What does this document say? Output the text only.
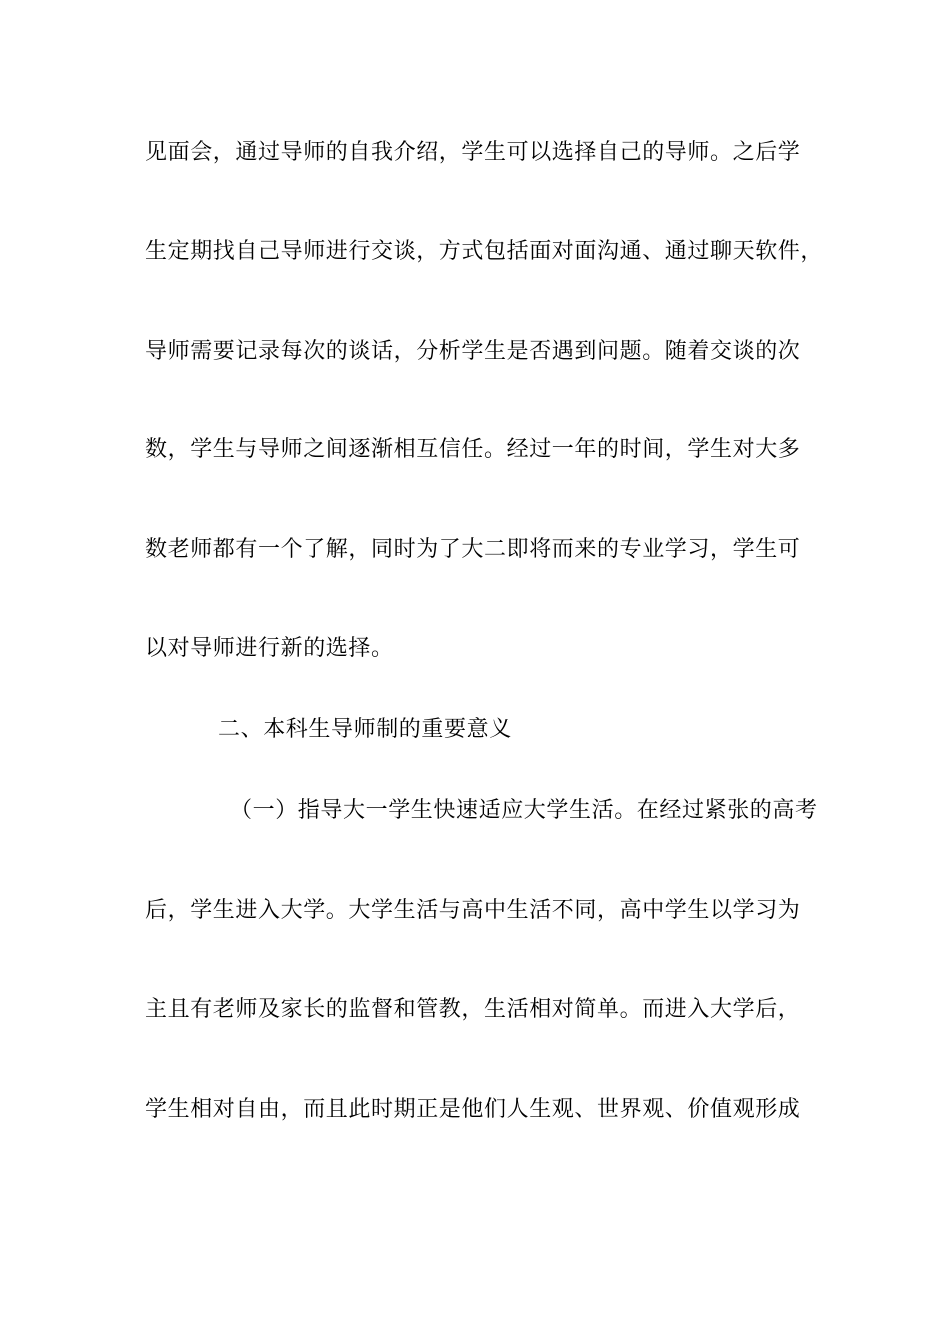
见面会，通过导师的自我介绍，学生可以选择自己的导师。之后学
生定期找自己导师进行交谈，方式包括面对面沟通、通过聊天软件，
导师需要记录每次的谈话，分析学生是否遇到问题。随着交谈的次
数，学生与导师之间逐渐相互信任。经过一年的时间，学生对大多
数老师都有一个了解，同时为了大二即将而来的专业学习，学生可
以对导师进行新的选择。
二、本科生导师制的重要意义
（一）指导大一学生快速适应大学生活。在经过紧张的高考
后，学生进入大学。大学生活与高中生活不同，高中学生以学习为
主且有老师及家长的监督和管教，生活相对简单。而进入大学后，
学生相对自由，而且此时期正是他们人生观、世界观、价值观形成
